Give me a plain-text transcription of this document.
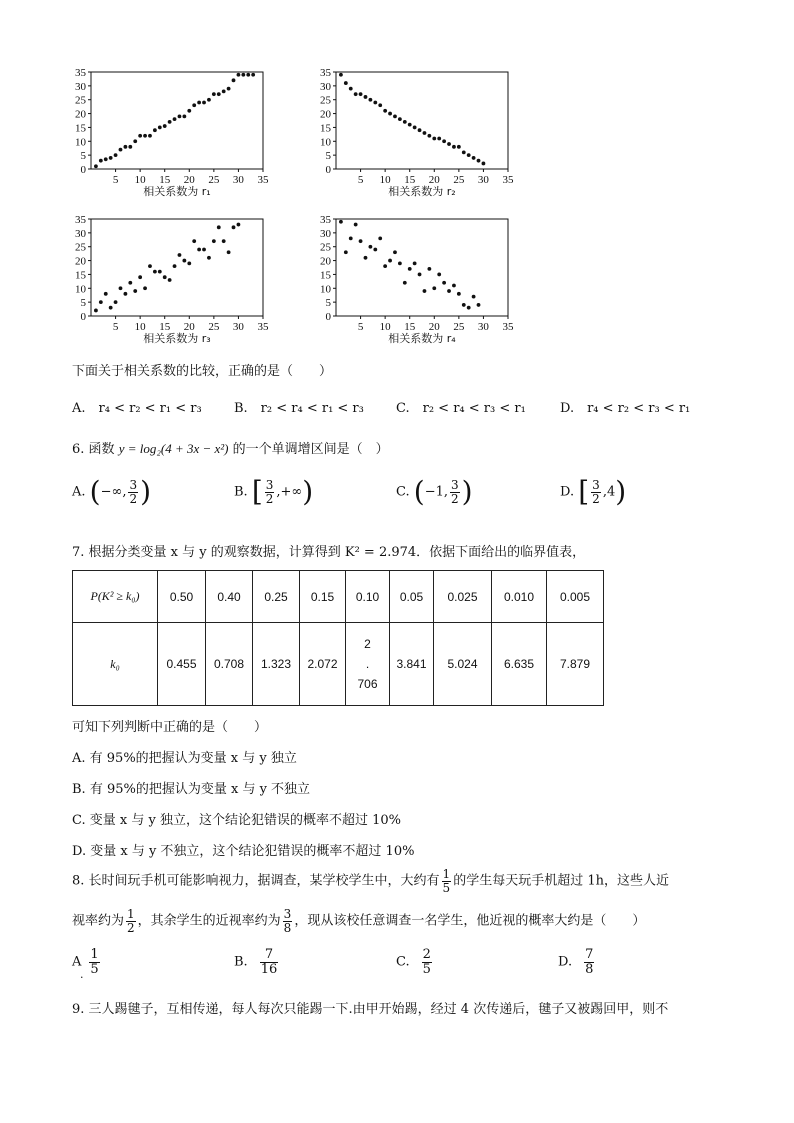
5 10 15 20 25 30 35
0
5
10
15
20
25
30
35
相关系数为 r₁
5 10 15 20 25 30 35
0
5
10
15
20
25
30
35
相关系数为 r₂
5 10 15 20 25 30 35
0
5
10
15
20
25
30
35
相关系数为 r₃
5 10 15 20 25 30 35
0
5
10
15
20
25
30
35
相关系数为 r₄
下面关于相关系数的比较，正确的是（　　）
A.　r₄ < r₂ < r₁ < r₃ B.　r₂ < r₄ < r₁ < r₃ C.　r₂ < r₄ < r₃ < r₁	D.　r₄ < r₂ < r₃ < r₁
6. 函数 y = log₂(4 + 3x − x²) 的一个单调增区间是（　）
A. (−∞, $\frac{3}{2}$ )	B. [ $\frac{3}{2}$ ,+∞)	C. (−1, $\frac{3}{2}$ )	D. [ $\frac{3}{2} ,4$)
7. 根据分类变量 x 与 y 的观察数据，计算得到 K² = 2.974．依据下面给出的临界值表，
P(K² ≥ k₀)	0.50	0.40	0.25	0.15	0.10	0.05	0.025	0.010	0.005
k₀	0.455	0.708	1.323	2.072	2
.
706	3.841	5.024	6.635	7.879
可知下列判断中正确的是（　　）
A. 有 95%的把握认为变量 x 与 y 独立
B. 有 95%的把握认为变量 x 与 y 不独立
C. 变量 x 与 y 独立，这个结论犯错误的概率不超过 10%
D. 变量 x 与 y 不独立，这个结论犯错误的概率不超过 10%
8. 长时间玩手机可能影响视力，据调查，某学校学生中，大约有 $\frac{1}{5}$ 的学生每天玩手机超过 1h，这些人近
视率约为 $\frac{1}{2}$ ，其余学生的近视率约为 $\frac{3}{8}$ ，现从该校任意调查一名学生，他近视的概率大约是（　　）
A $\frac{1}{5}$
.
B. $\frac{7}{16}$	C. $\frac{2}{5}$	D. $\frac{7}{8}$
9. 三人踢毽子，互相传递，每人每次只能踢一下.由甲开始踢，经过 4 次传递后，毽子又被踢回甲，则不
